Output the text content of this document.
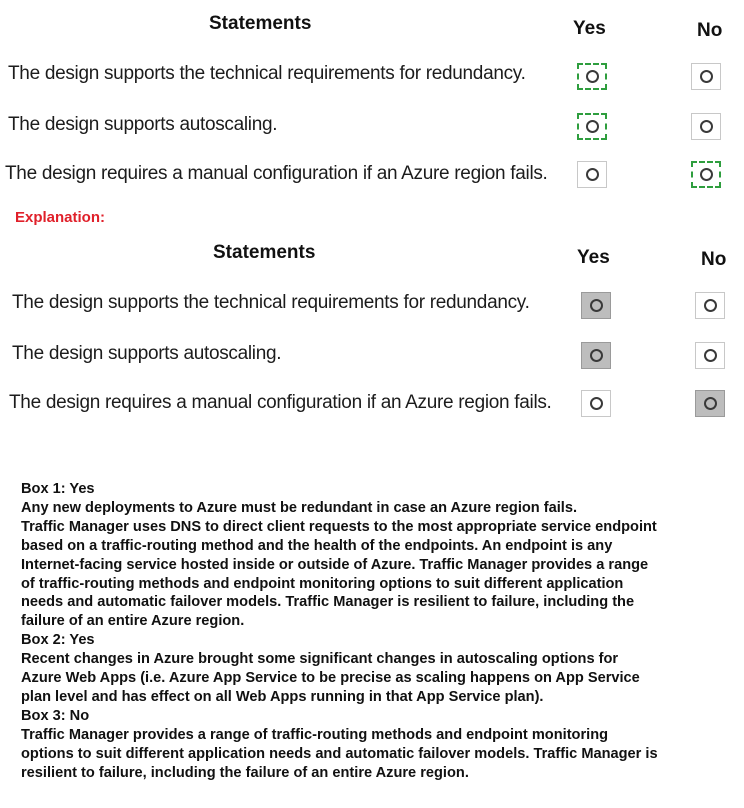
Statements	Yes	No
The design supports the technical requirements for redundancy.
The design supports autoscaling.
The design requires a manual configuration if an Azure region fails.
Explanation:
Statements	Yes	No
The design supports the technical requirements for redundancy.
The design supports autoscaling.
The design requires a manual configuration if an Azure region fails.

Box 1: Yes

Any new deployments to Azure must be redundant in case an Azure region fails.

Traffic Manager uses DNS to direct client requests to the most appropriate service endpoint

based on a traffic-routing method and the health of the endpoints. An endpoint is any

Internet-facing service hosted inside or outside of Azure. Traffic Manager provides a range

of traffic-routing methods and endpoint monitoring options to suit different application

needs and automatic failover models. Traffic Manager is resilient to failure, including the

failure of an entire Azure region.

Box 2: Yes

Recent changes in Azure brought some significant changes in autoscaling options for

Azure Web Apps (i.e. Azure App Service to be precise as scaling happens on App Service

plan level and has effect on all Web Apps running in that App Service plan).

Box 3: No

Traffic Manager provides a range of traffic-routing methods and endpoint monitoring

options to suit different application needs and automatic failover models. Traffic Manager is

resilient to failure, including the failure of an entire Azure region.
